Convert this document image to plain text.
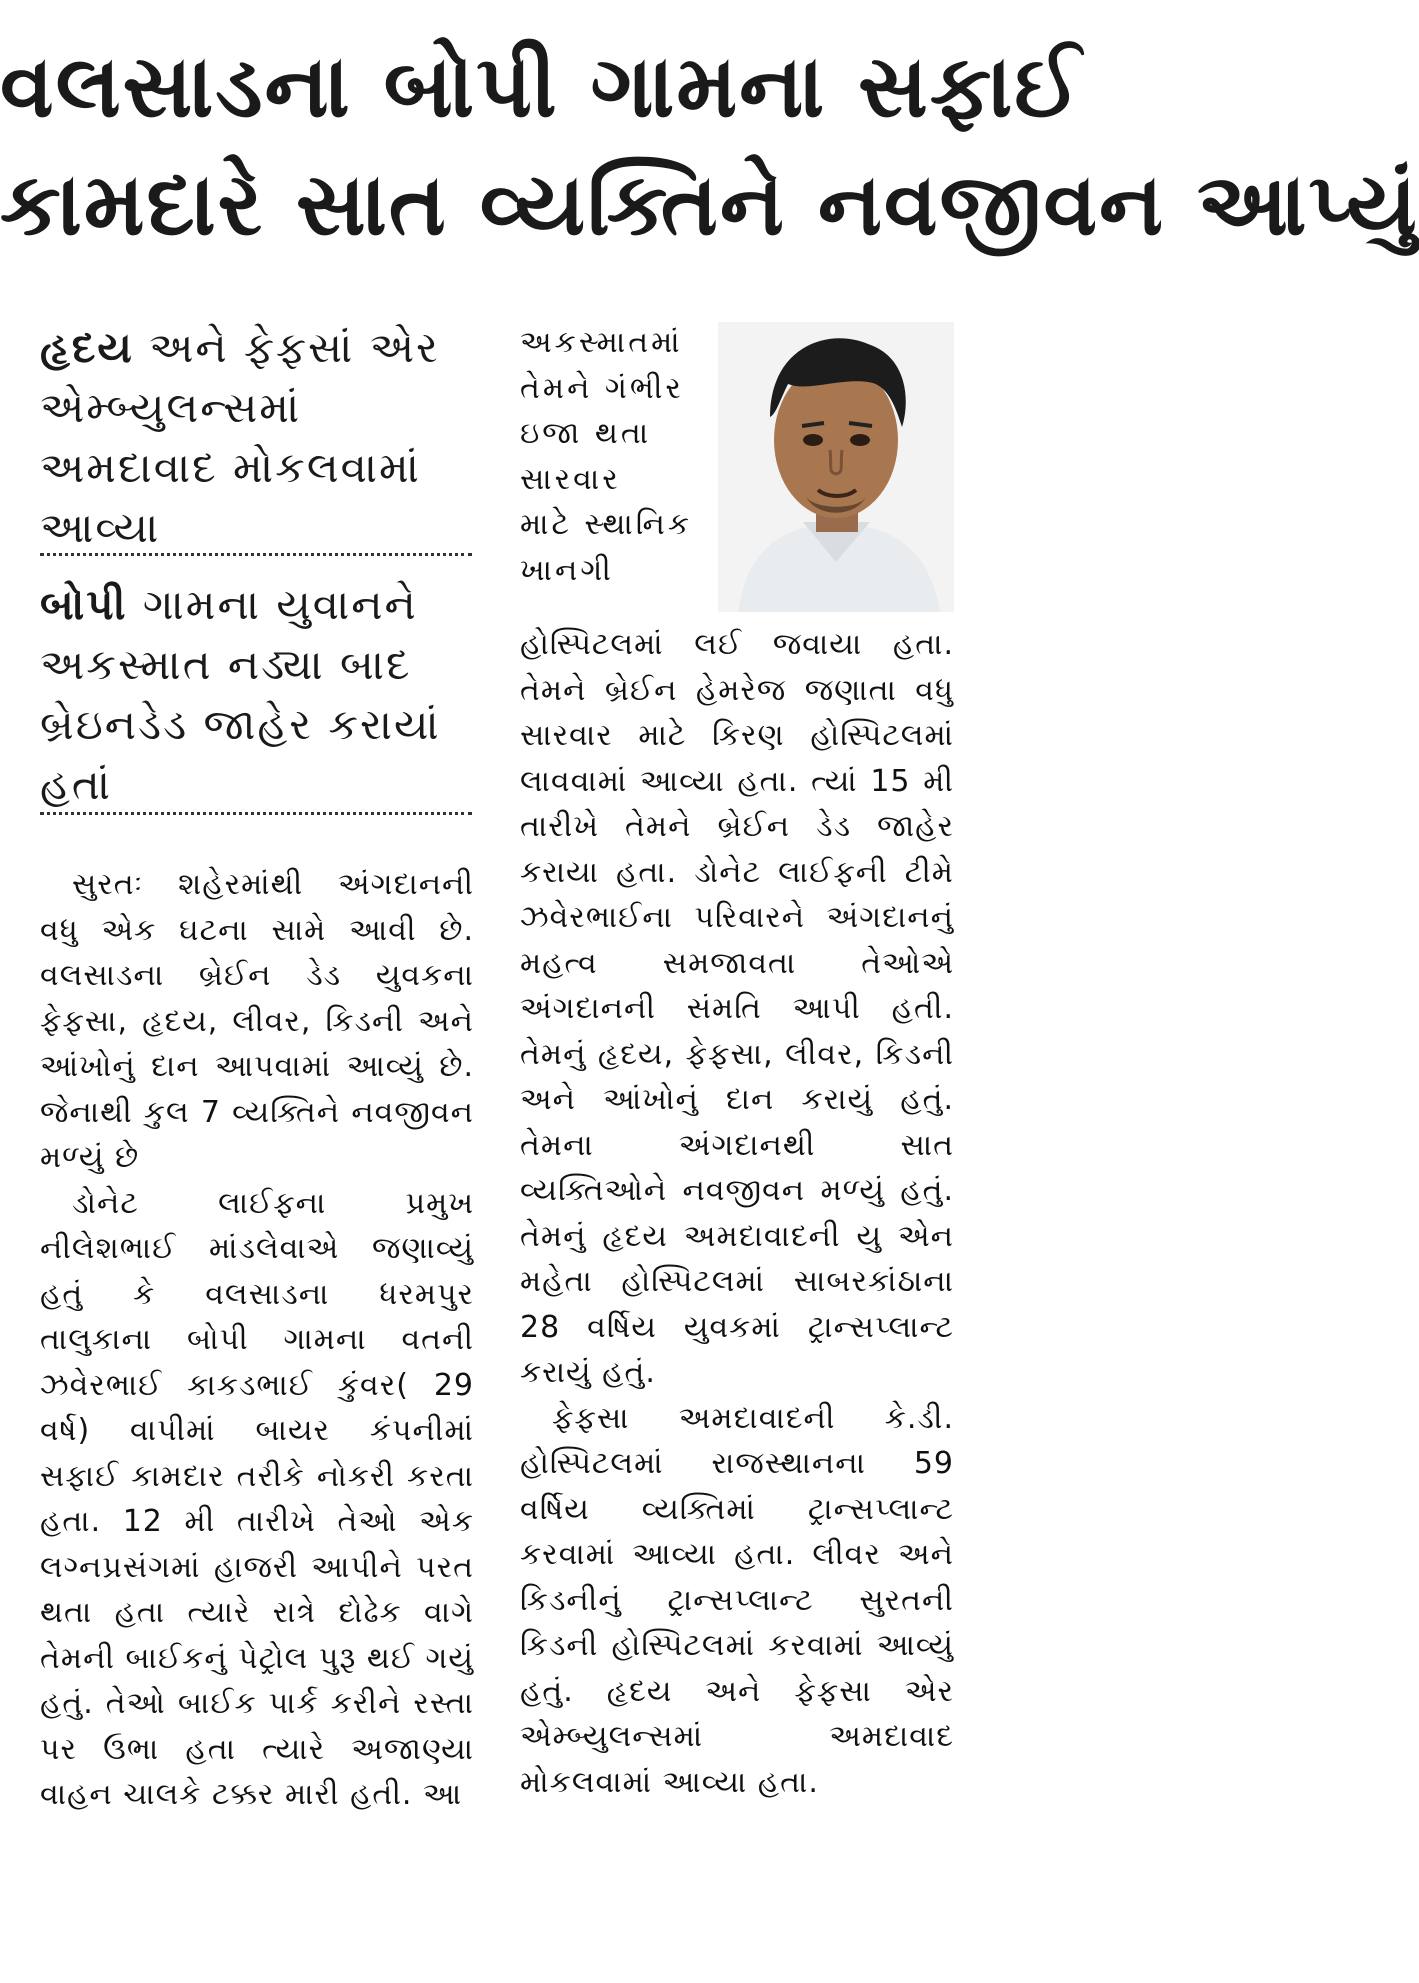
વલસાડના બોપી ગામના સફાઈ
કામદારે સાત વ્યક્તિને નવજીવન આપ્યું
હૃદય અને ફેફસાં એર એમ્બ્યુલન્સમાં અમદાવાદ મોકલવામાં આવ્યા
બોપી ગામના યુવાનને અકસ્માત નડ્યા બાદ બ્રેઇનડેડ જાહેર કરાયાં હતાં

સુરતઃ શહેરમાંથી અંગદાનની વધુ એક ઘટના સામે આવી છે. વલસાડના બ્રેઈન ડેડ યુવકના ફેફસા, હૃદય, લીવર, કિડની અને આંખોનું દાન આપવામાં આવ્યું છે. જેનાથી કુલ 7 વ્યક્તિને નવજીવન મળ્યું છે

ડોનેટ લાઈફના પ્રમુખ નીલેશભાઈ માંડલેવાએ જણાવ્યું હતું કે વલસાડના ધરમપુર તાલુકાના બોપી ગામના વતની ઝવેરભાઈ કાકડભાઈ કુંવર( 29 વર્ષ) વાપીમાં બાયર કંપનીમાં સફાઈ કામદાર તરીકે નોકરી કરતા હતા. 12 મી તારીખે તેઓ એક લગ્નપ્રસંગમાં હાજરી આપીને પરત થતા હતા ત્યારે રાત્રે દોઢેક વાગે તેમની બાઈકનું પેટ્રોલ પુરૂ થઈ ગયું હતું. તેઓ બાઈક પાર્ક કરીને રસ્તા પર ઉભા હતા ત્યારે અજાણ્યા વાહન ચાલકે ટક્કર મારી હતી. આ

અકસ્માતમાં
તેમને ગંભીર
ઇજા થતા
સારવાર
માટે સ્થાનિક
ખાનગી

હોસ્પિટલમાં લઈ જવાયા હતા. તેમને બ્રેઈન હેમરેજ જણાતા વધુ સારવાર માટે કિરણ હોસ્પિટલમાં લાવવામાં આવ્યા હતા. ત્યાં 15 મી તારીખે તેમને બ્રેઈન ડેડ જાહેર કરાયા હતા. ડોનેટ લાઈફની ટીમે ઝવેરભાઈના પરિવારને અંગદાનનું મહત્વ સમજાવતા તેઓએ અંગદાનની સંમતિ આપી હતી. તેમનું હૃદય, ફેફસા, લીવર, કિડની અને આંખોનું દાન કરાયું હતું. તેમના અંગદાનથી સાત વ્યક્તિઓને નવજીવન મળ્યું હતું. તેમનું હૃદય અમદાવાદની યુ એન મહેતા હોસ્પિટલમાં સાબરકાંઠાના 28 વર્ષિય યુવકમાં ટ્રાન્સપ્લાન્ટ કરાયું હતું.

ફેફસા અમદાવાદની કે.ડી. હોસ્પિટલમાં રાજસ્થાનના 59 વર્ષિય વ્યક્તિમાં ટ્રાન્સપ્લાન્ટ કરવામાં આવ્યા હતા. લીવર અને કિડનીનું ટ્રાન્સપ્લાન્ટ સુરતની કિડની હોસ્પિટલમાં કરવામાં આવ્યું હતું. હૃદય અને ફેફસા એર એમ્બ્યુલન્સમાં અમદાવાદ મોકલવામાં આવ્યા હતા.
